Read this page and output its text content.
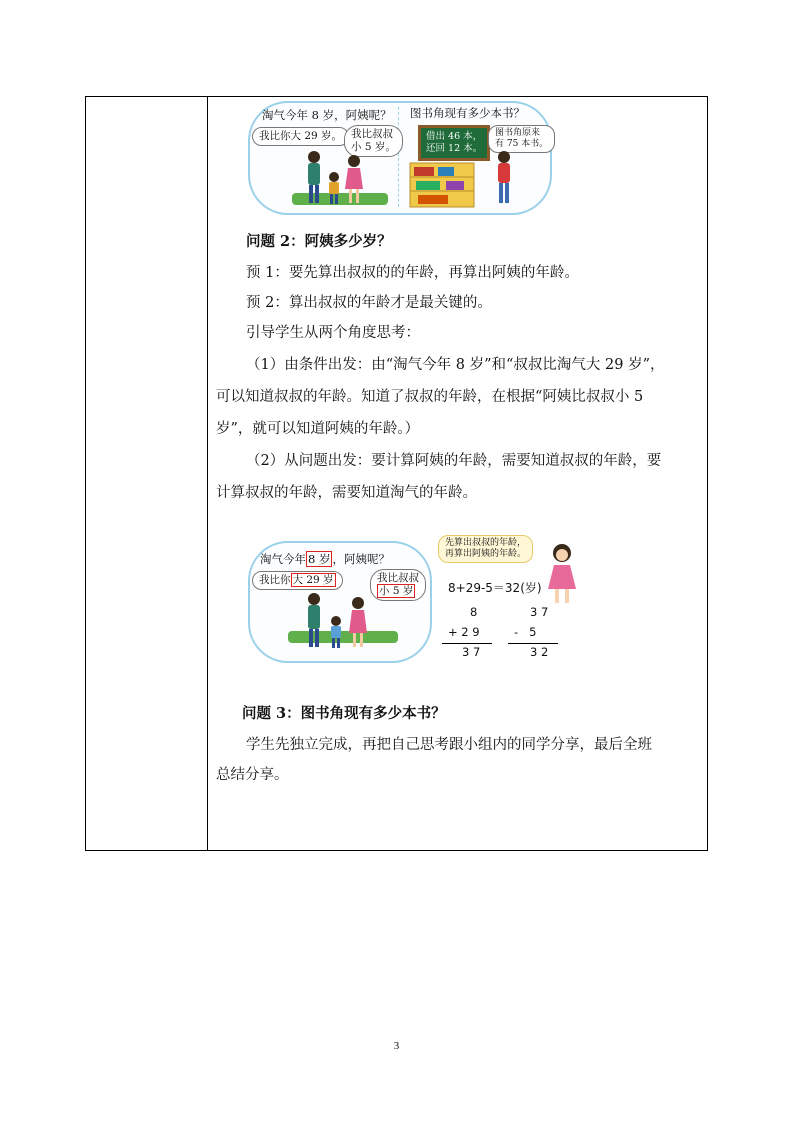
淘气今年 8 岁，阿姨呢？
我比你大 29 岁。 我比叔叔
小 5 岁。
图书角现有多少本书？
借出 46 本，
还回 12 本。
图书角原来
有 75 本书。
问题 2：阿姨多少岁？
预 1：要先算出叔叔的的年龄，再算出阿姨的年龄。
预 2：算出叔叔的年龄才是最关键的。
引导学生从两个角度思考：
（1）由条件出发：由“淘气今年 8 岁”和“叔叔比淘气大 29 岁”，
可以知道叔叔的年龄。知道了叔叔的年龄，在根据“阿姨比叔叔小 5
岁”，就可以知道阿姨的年龄。）
（2）从问题出发：要计算阿姨的年龄，需要知道叔叔的年龄，要
计算叔叔的年龄，需要知道淘气的年龄。
淘气今年 8 岁 ，阿姨呢？
我比你 大 29 岁	我比叔叔
小 5 岁
先算出叔叔的年龄，
再算出阿姨的年龄。
8+29-5＝32(岁)
8
+ 2 9
3 7
3 7
-   5
3 2
问题 3：图书角现有多少本书？
学生先独立完成，再把自己思考跟小组内的同学分享，最后全班
总结分享。
3
